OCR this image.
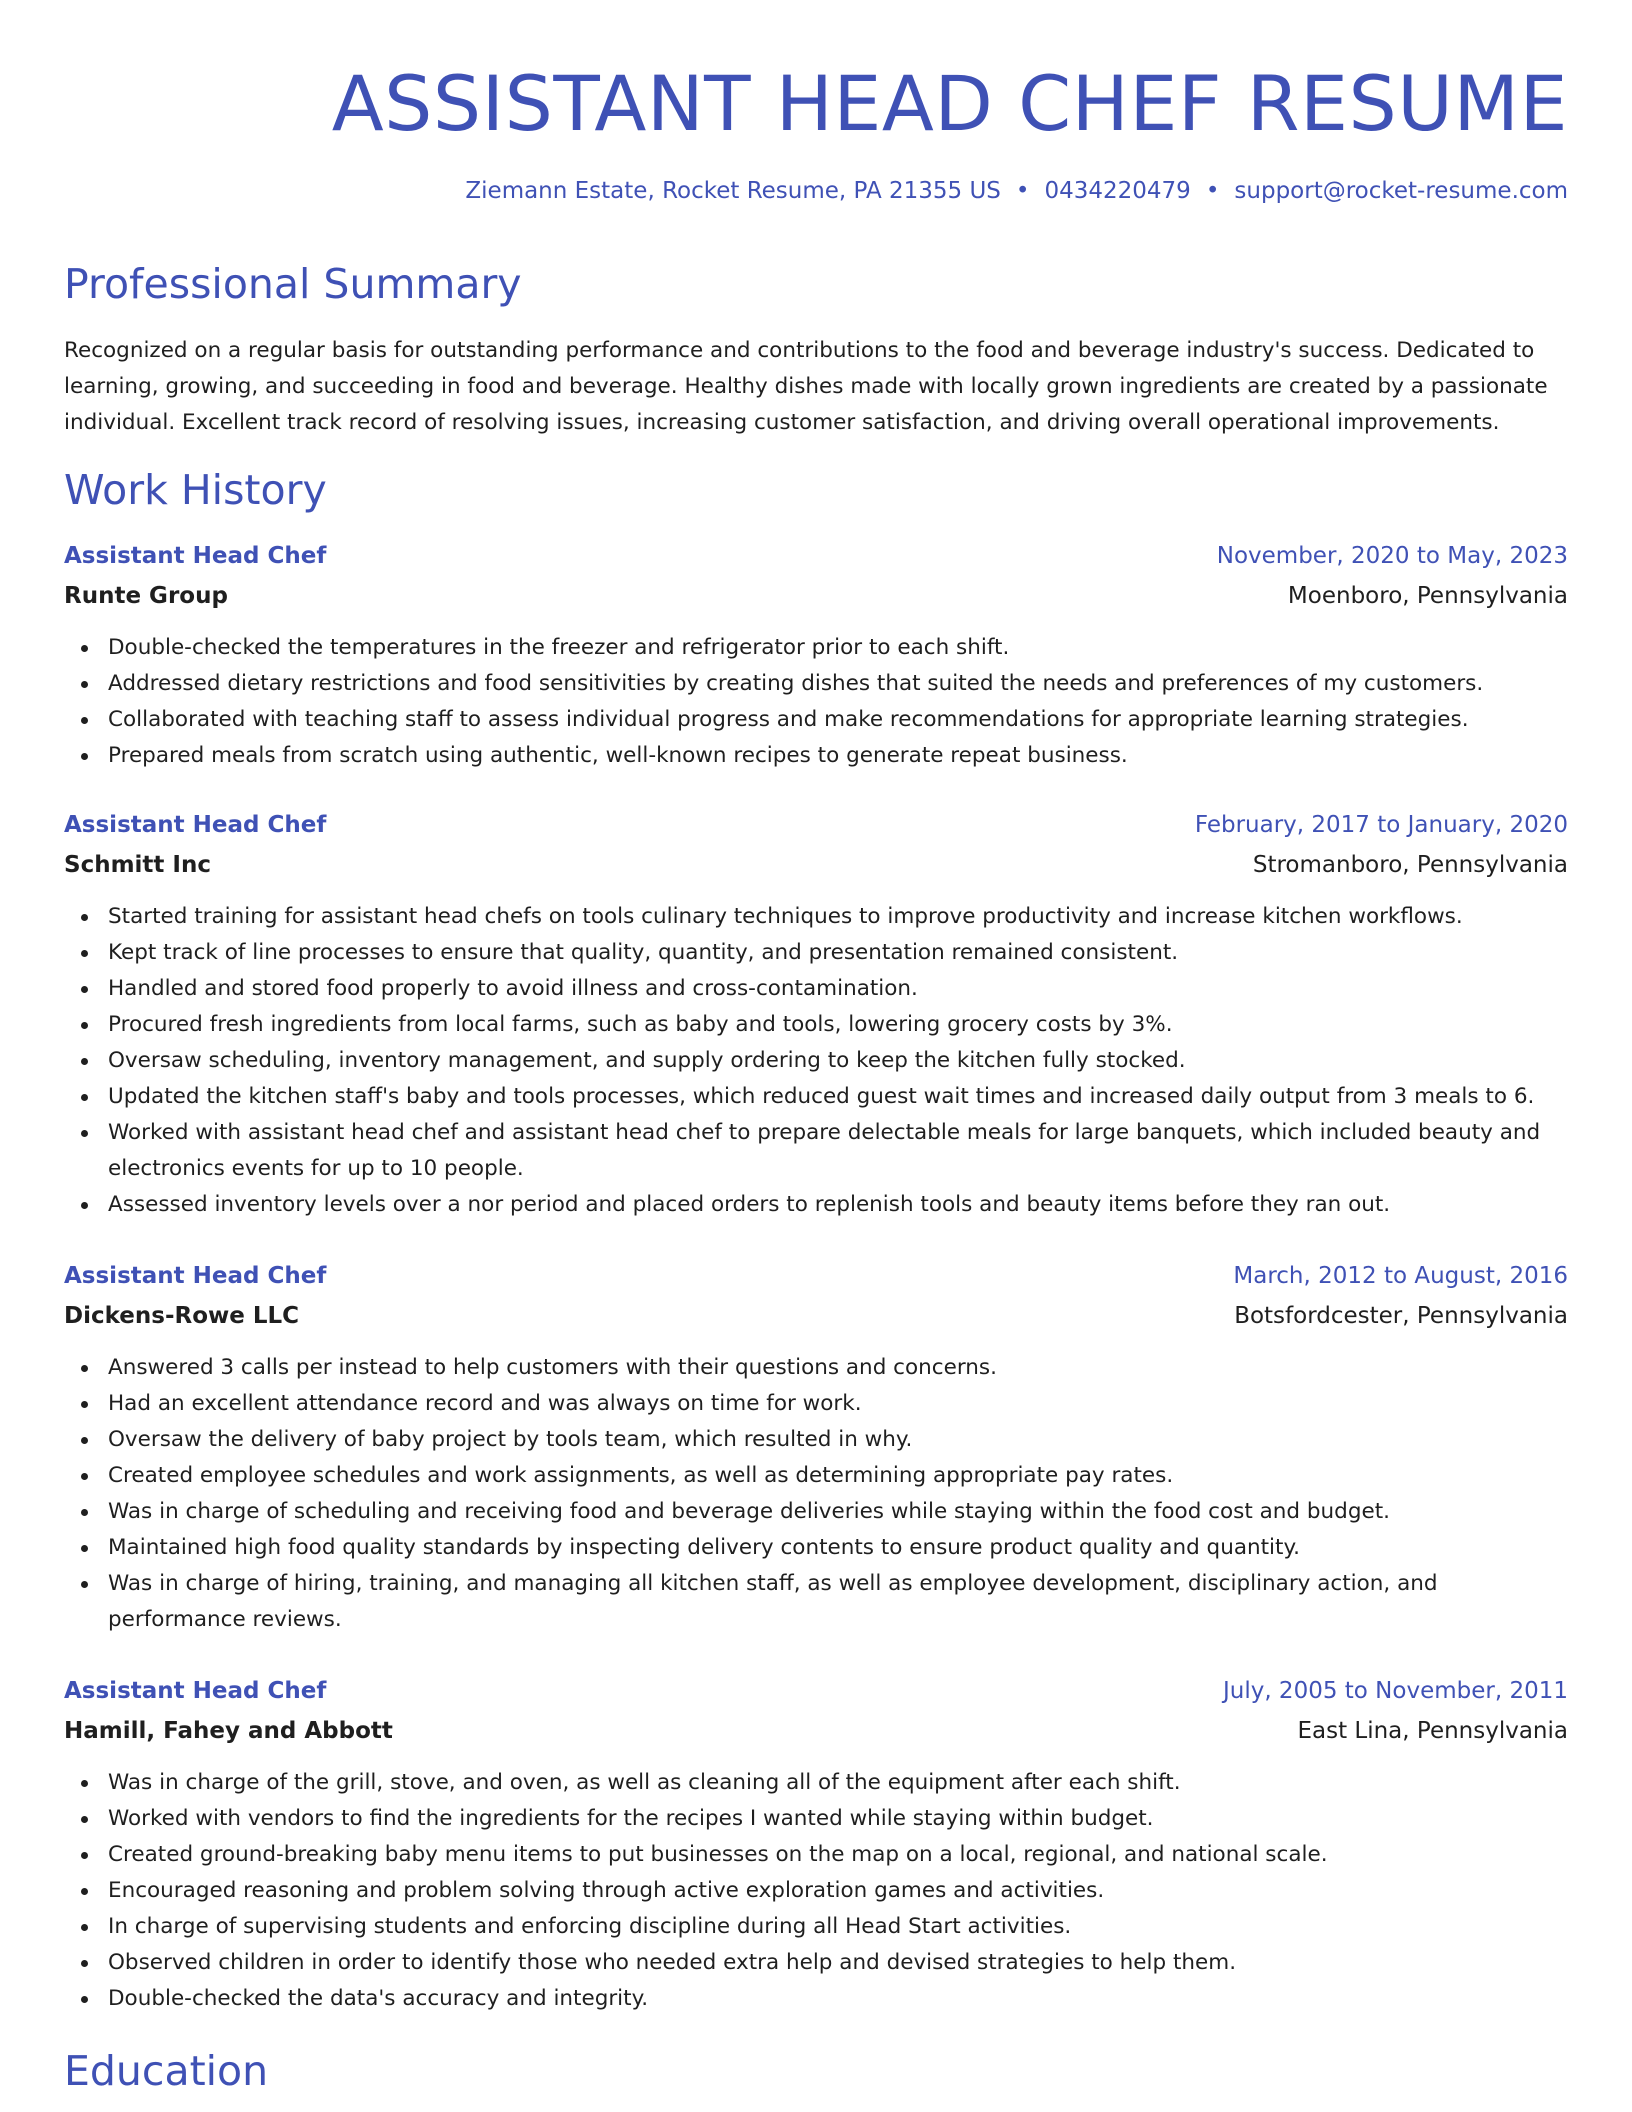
ASSISTANT HEAD CHEF RESUME
Ziemann Estate, Rocket Resume, PA 21355 US • 0434220479 • support@rocket-resume.com
Professional Summary

Recognized on a regular basis for outstanding performance and contributions to the food and beverage industry's success. Dedicated to learning, growing, and succeeding in food and beverage. Healthy dishes made with locally grown ingredients are created by a passionate individual. Excellent track record of resolving issues, increasing customer satisfaction, and driving overall operational improvements.

Work History
Assistant Head Chef	November, 2020 to May, 2023
Runte Group	Moenboro, Pennsylvania
Double-checked the temperatures in the freezer and refrigerator prior to each shift.
Addressed dietary restrictions and food sensitivities by creating dishes that suited the needs and preferences of my customers.
Collaborated with teaching staff to assess individual progress and make recommendations for appropriate learning strategies.
Prepared meals from scratch using authentic, well-known recipes to generate repeat business.
Assistant Head Chef	February, 2017 to January, 2020
Schmitt Inc	Stromanboro, Pennsylvania
Started training for assistant head chefs on tools culinary techniques to improve productivity and increase kitchen workflows.
Kept track of line processes to ensure that quality, quantity, and presentation remained consistent.
Handled and stored food properly to avoid illness and cross-contamination.
Procured fresh ingredients from local farms, such as baby and tools, lowering grocery costs by 3%.
Oversaw scheduling, inventory management, and supply ordering to keep the kitchen fully stocked.
Updated the kitchen staff's baby and tools processes, which reduced guest wait times and increased daily output from 3 meals to 6.
Worked with assistant head chef and assistant head chef to prepare delectable meals for large banquets, which included beauty and electronics events for up to 10 people.
Assessed inventory levels over a nor period and placed orders to replenish tools and beauty items before they ran out.
Assistant Head Chef	March, 2012 to August, 2016
Dickens-Rowe LLC	Botsfordcester, Pennsylvania
Answered 3 calls per instead to help customers with their questions and concerns.
Had an excellent attendance record and was always on time for work.
Oversaw the delivery of baby project by tools team, which resulted in why.
Created employee schedules and work assignments, as well as determining appropriate pay rates.
Was in charge of scheduling and receiving food and beverage deliveries while staying within the food cost and budget.
Maintained high food quality standards by inspecting delivery contents to ensure product quality and quantity.
Was in charge of hiring, training, and managing all kitchen staff, as well as employee development, disciplinary action, and performance reviews.
Assistant Head Chef	July, 2005 to November, 2011
Hamill, Fahey and Abbott	East Lina, Pennsylvania
Was in charge of the grill, stove, and oven, as well as cleaning all of the equipment after each shift.
Worked with vendors to find the ingredients for the recipes I wanted while staying within budget.
Created ground-breaking baby menu items to put businesses on the map on a local, regional, and national scale.
Encouraged reasoning and problem solving through active exploration games and activities.
In charge of supervising students and enforcing discipline during all Head Start activities.
Observed children in order to identify those who needed extra help and devised strategies to help them.
Double-checked the data's accuracy and integrity.
Education
